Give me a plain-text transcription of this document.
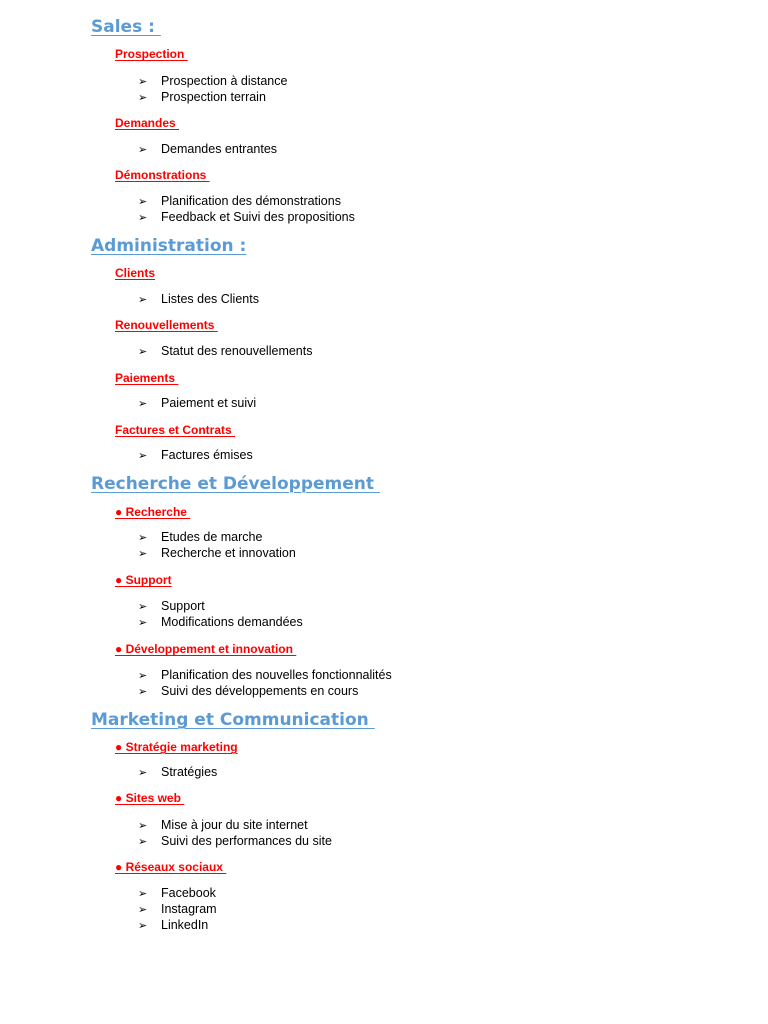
Sales :
Prospection
➢ Prospection à distance
➢ Prospection terrain
Demandes
➢ Demandes entrantes
Démonstrations
➢ Planification des démonstrations
➢ Feedback et Suivi des propositions
Administration :
Clients
➢ Listes des Clients
Renouvellements
➢ Statut des renouvellements
Paiements
➢ Paiement et suivi
Factures et Contrats
➢ Factures émises
Recherche et Développement
● Recherche
➢ Etudes de marche
➢ Recherche et innovation
● Support
➢ Support
➢ Modifications demandées
● Développement et innovation
➢ Planification des nouvelles fonctionnalités
➢ Suivi des développements en cours
Marketing et Communication
● Stratégie marketing
➢ Stratégies
● Sites web
➢ Mise à jour du site internet
➢ Suivi des performances du site
● Réseaux sociaux
➢ Facebook
➢ Instagram
➢ LinkedIn
